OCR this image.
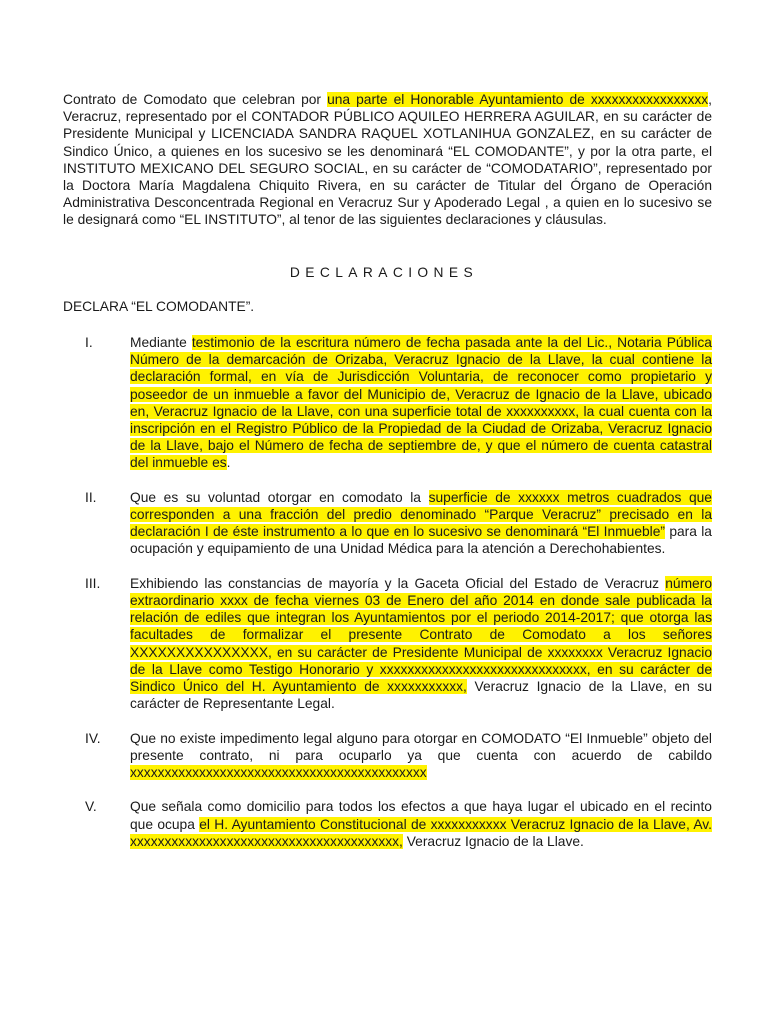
Contrato de Comodato que celebran por una parte el Honorable Ayuntamiento de xxxxxxxxxxxxxxxxx, Veracruz, representado por el CONTADOR PÚBLICO AQUILEO HERRERA AGUILAR, en su carácter de Presidente Municipal y LICENCIADA SANDRA RAQUEL XOTLANIHUA GONZALEZ, en su carácter de Sindico Único, a quienes en los sucesivo se les denominará “EL COMODANTE”, y por la otra parte, el INSTITUTO MEXICANO DEL SEGURO SOCIAL, en su carácter de “COMODATARIO”, representado por la Doctora María Magdalena Chiquito Rivera, en su carácter de Titular del Órgano de Operación Administrativa Desconcentrada Regional en Veracruz Sur y Apoderado Legal , a quien en lo sucesivo se le designará como “EL INSTITUTO”, al tenor de las siguientes declaraciones y cláusulas.

DECLARACIONES

DECLARA “EL COMODANTE”.

I.	Mediante testimonio de la escritura número de fecha pasada ante la del Lic., Notaria Pública Número de la demarcación de Orizaba, Veracruz Ignacio de la Llave, la cual contiene la declaración formal, en vía de Jurisdicción Voluntaria, de reconocer como propietario y poseedor de un inmueble a favor del Municipio de, Veracruz de Ignacio de la Llave, ubicado en, Veracruz Ignacio de la Llave, con una superficie total de xxxxxxxxxx, la cual cuenta con la inscripción en el Registro Público de la Propiedad de la Ciudad de Orizaba, Veracruz Ignacio de la Llave, bajo el Número de fecha de septiembre de, y que el número de cuenta catastral del inmueble es.

II. Que es su voluntad otorgar en comodato la superficie de xxxxxx metros cuadrados que corresponden a una fracción del predio denominado “Parque Veracruz” precisado en la declaración I de éste instrumento a lo que en lo sucesivo se denominará “El Inmueble” para la ocupación y equipamiento de una Unidad Médica para la atención a Derechohabientes.

III. Exhibiendo las constancias de mayoría y la Gaceta Oficial del Estado de Veracruz número extraordinario xxxx de fecha viernes 03 de Enero del año 2014 en donde sale publicada la relación de ediles que integran los Ayuntamientos por el periodo 2014-2017; que otorga las facultades de formalizar el presente Contrato de Comodato a los señores XXXXXXXXXXXXXXX, en su carácter de Presidente Municipal de xxxxxxxx Veracruz Ignacio de la Llave como Testigo Honorario y xxxxxxxxxxxxxxxxxxxxxxxxxxxxxx, en su carácter de Sindico Único del H. Ayuntamiento de xxxxxxxxxxx, Veracruz Ignacio de la Llave, en su carácter de Representante Legal.

IV. Que no existe impedimento legal alguno para otorgar en COMODATO “El Inmueble” objeto del presente contrato, ni para ocuparlo ya que cuenta con acuerdo de cabildo xxxxxxxxxxxxxxxxxxxxxxxxxxxxxxxxxxxxxxxxxxx

V. Que señala como domicilio para todos los efectos a que haya lugar el ubicado en el recinto que ocupa el H. Ayuntamiento Constitucional de xxxxxxxxxxx Veracruz Ignacio de la Llave, Av. xxxxxxxxxxxxxxxxxxxxxxxxxxxxxxxxxxxxxxx, Veracruz Ignacio de la Llave.
